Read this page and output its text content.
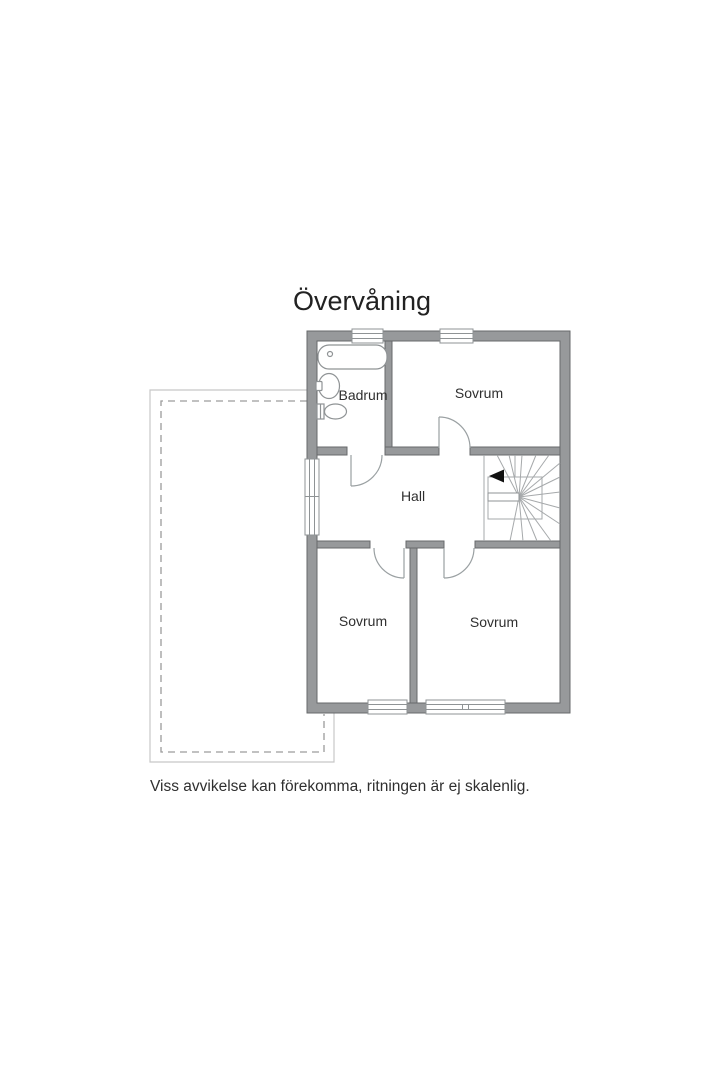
Övervåning
Badrum	Sovrum
Hall
Sovrum	Sovrum
Viss avvikelse kan förekomma, ritningen är ej skalenlig.
